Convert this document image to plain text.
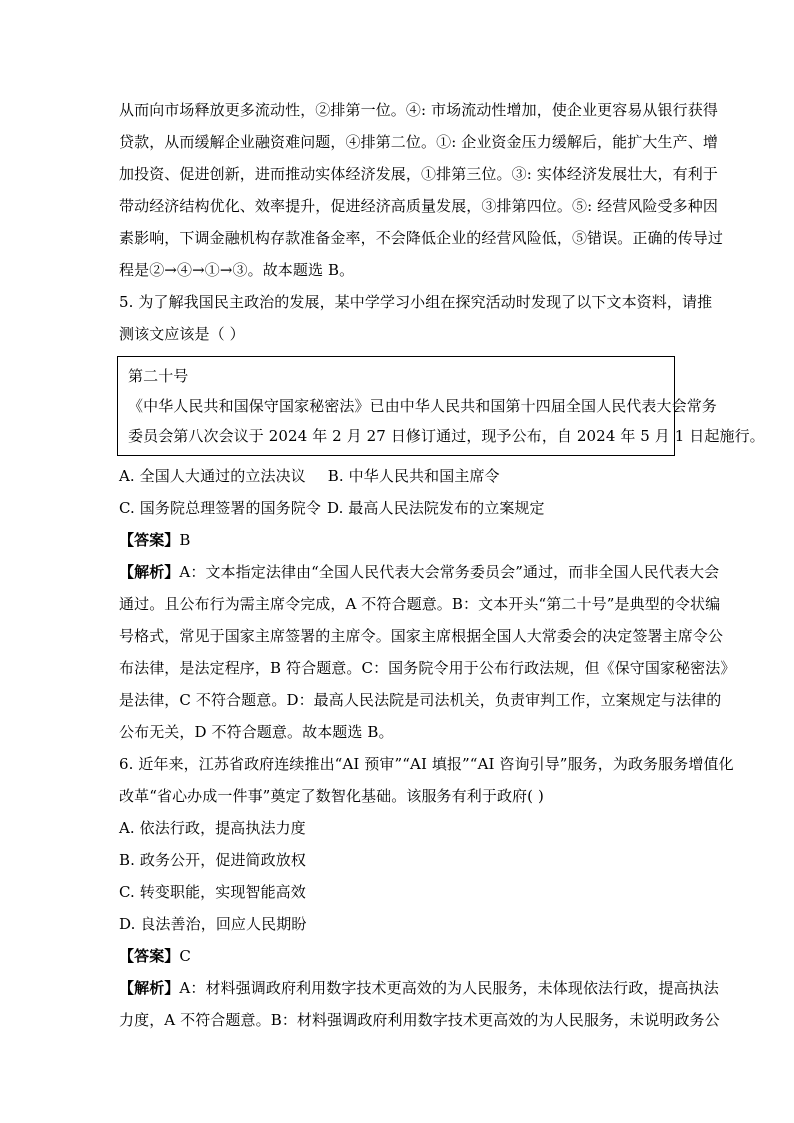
从而向市场释放更多流动性，②排第一位。④: 市场流动性增加，使企业更容易从银行获得
贷款，从而缓解企业融资难问题，④排第二位。①: 企业资金压力缓解后，能扩大生产、增
加投资、促进创新，进而推动实体经济发展，①排第三位。③: 实体经济发展壮大，有利于
带动经济结构优化、效率提升，促进经济高质量发展，③排第四位。⑤: 经营风险受多种因
素影响，下调金融机构存款准备金率，不会降低企业的经营风险低，⑤错误。正确的传导过
程是②→④→①→③。故本题选 B。
5. 为了解我国民主政治的发展，某中学学习小组在探究活动时发现了以下文本资料，请推
测该文应该是（ ）
第二十号
《中华人民共和国保守国家秘密法》已由中华人民共和国第十四届全国人民代表大会常务
委员会第八次会议于 2024 年 2 月 27 日修订通过，现予公布，自 2024 年 5 月 1 日起施行。
A. 全国人大通过的立法决议 B. 中华人民共和国主席令
C. 国务院总理签署的国务院令 D. 最高人民法院发布的立案规定
【答案】B
【解析】A：文本指定法律由“全国人民代表大会常务委员会”通过，而非全国人民代表大会
通过。且公布行为需主席令完成，A 不符合题意。B：文本开头“第二十号”是典型的令状编
号格式，常见于国家主席签署的主席令。国家主席根据全国人大常委会的决定签署主席令公
布法律，是法定程序，B 符合题意。C：国务院令用于公布行政法规，但《保守国家秘密法》
是法律，C 不符合题意。D：最高人民法院是司法机关，负责审判工作，立案规定与法律的
公布无关，D 不符合题意。故本题选 B。
6. 近年来，江苏省政府连续推出“AI 预审”“AI 填报”“AI 咨询引导”服务，为政务服务增值化
改革“省心办成一件事”奠定了数智化基础。该服务有利于政府( )
A. 依法行政，提高执法力度
B. 政务公开，促进简政放权
C. 转变职能，实现智能高效
D. 良法善治，回应人民期盼
【答案】C
【解析】A：材料强调政府利用数字技术更高效的为人民服务，未体现依法行政，提高执法
力度，A 不符合题意。B：材料强调政府利用数字技术更高效的为人民服务，未说明政务公
